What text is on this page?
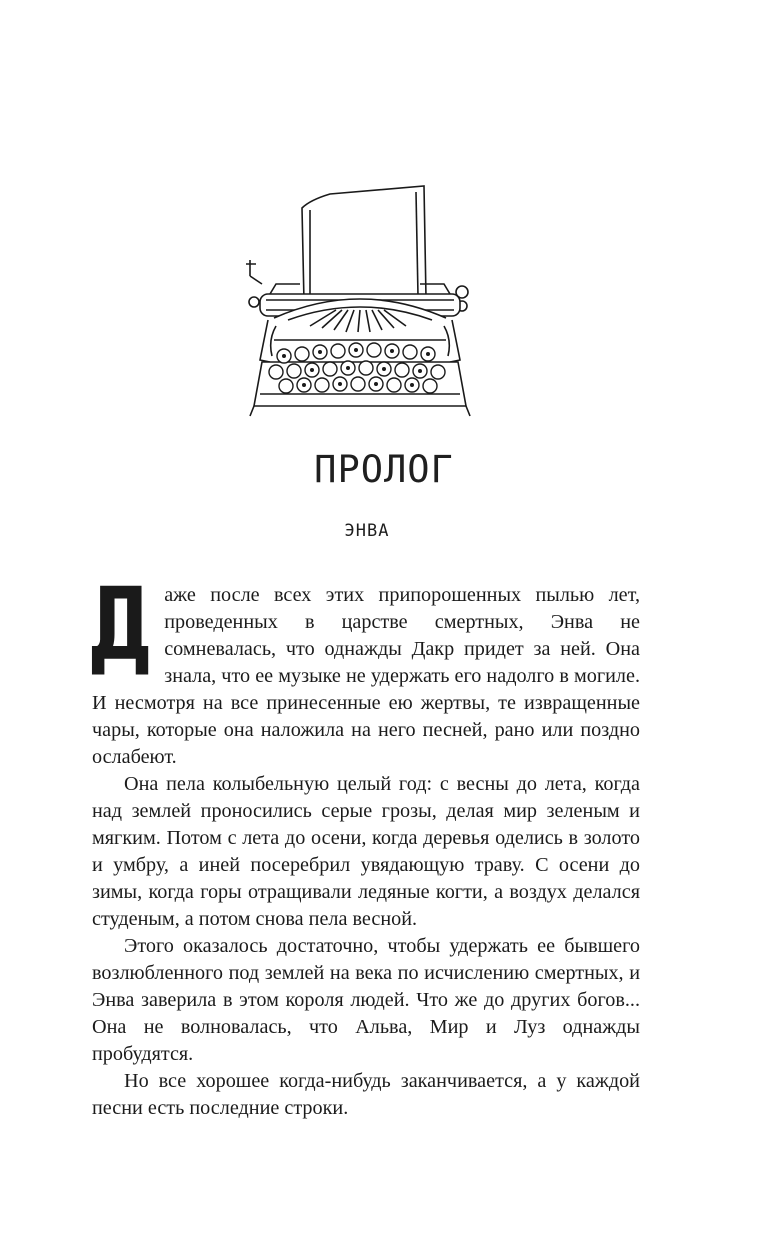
ПРОЛОГ
ЭНВА

Даже после всех этих припорошенных пылью лет, проведенных в царстве смертных, Энва не сомневалась, что однажды Дакр придет за ней. Она знала, что ее музыке не удержать его надолго в могиле. И несмотря на все принесенные ею жертвы, те извращенные чары, которые она наложила на него песней, рано или поздно ослабеют.

Она пела колыбельную целый год: с весны до лета, когда над землей проносились серые грозы, делая мир зеленым и мягким. Потом с лета до осени, когда деревья оделись в золото и умбру, а иней посеребрил увядающую траву. С осени до зимы, когда горы отращивали ледяные когти, а воздух делался студеным, а потом снова пела весной.

Этого оказалось достаточно, чтобы удержать ее бывшего возлюбленного под землей на века по исчислению смертных, и Энва заверила в этом короля людей. Что же до других богов... Она не волновалась, что Альва, Мир и Луз однажды пробудятся.

Но все хорошее когда-нибудь заканчивается, а у каждой песни есть последние строки.
